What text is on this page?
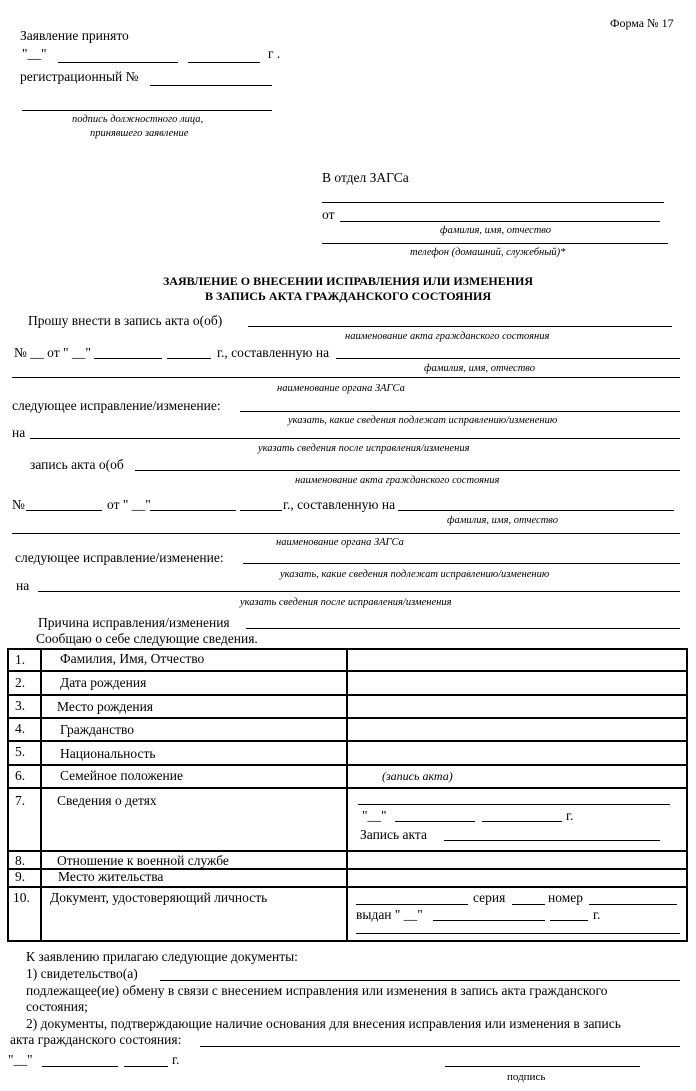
Форма № 17
Заявление принято
"__"	г .
регистрационный №
подпись должностного лица,
принявшего заявление
В отдел ЗАГСа
от
фамилия, имя, отчество
телефон (домашний, служебный)*
ЗАЯВЛЕНИЕ О ВНЕСЕНИИ ИСПРАВЛЕНИЯ ИЛИ ИЗМЕНЕНИЯ
В ЗАПИСЬ АКТА ГРАЖДАНСКОГО СОСТОЯНИЯ
Прошу внести в запись акта о(об)
наименование акта гражданского состояния
№ __ от " __"	г., составленную на
фамилия, имя, отчество
наименование органа ЗАГСа
следующее исправление/изменение:
указать, какие сведения подлежат исправлению/изменению
на
указать сведения после исправления/изменения
запись акта о(об
наименование акта гражданского состояния
№	от " __"	г., составленную на
фамилия, имя, отчество
наименование органа ЗАГСа
следующее исправление/изменение:
указать, какие сведения подлежат исправлению/изменению
на
указать сведения после исправления/изменения
Причина исправления/изменения
Сообщаю о себе следующие сведения.
1.	Фамилия, Имя, Отчество
2.	Дата рождения
3. Место рождения
4.	Гражданство
5.	Национальность
6.	Семейное положение	(запись акта)
7. Сведения о детях
"__"	г.
Запись акта
8. Отношение к военной службе
9. Место жительства
10. Документ, удостоверяющий личность	серия	номер
выдан " __"	г.
К заявлению прилагаю следующие документы:
1) свидетельство(а)
подлежащее(ие) обмену в связи с внесением исправления или изменения в запись акта гражданского
состояния;
2) документы, подтверждающие наличие основания для внесения исправления или изменения в запись
акта гражданского состояния:
"__"	г.
подпись
